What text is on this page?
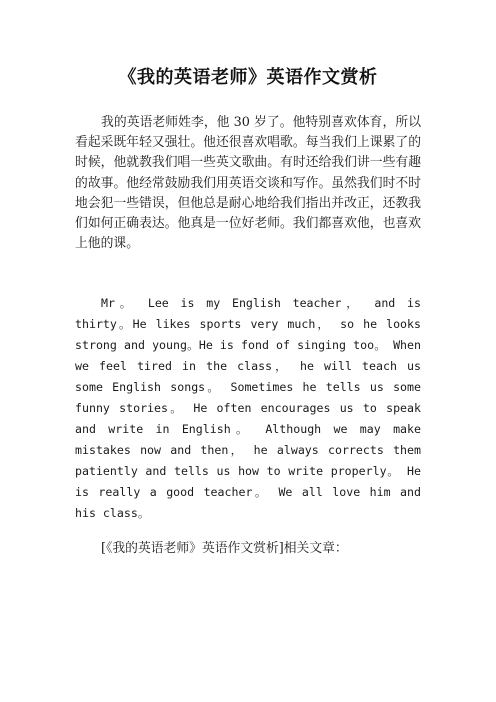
《我的英语老师》英语作文赏析
我的英语老师姓李，他 30 岁了。他特别喜欢体育，所以看起采既年轻又强壮。他还很喜欢唱歌。每当我们上课累了的时候，他就教我们唱一些英文歌曲。有时还给我们讲一些有趣的故事。他经常鼓励我们用英语交谈和写作。虽然我们时不时地会犯一些错误，但他总是耐心地给我们指出并改正，还教我们如何正确表达。他真是一位好老师。我们都喜欢他，也喜欢上他的课。
Mr。 Lee is my English teacher， and is thirty。He likes sports very much， so he looks strong and young。He is fond of singing too。 When we feel tired in the class， he will teach us some English songs。 Sometimes he tells us some funny stories。 He often encourages us to speak and write in English。 Although we may make mistakes now and then， he always corrects them patiently and tells us how to write properly。 He is really a good teacher。 We all love him and his class。
[《我的英语老师》英语作文赏析]相关文章：
